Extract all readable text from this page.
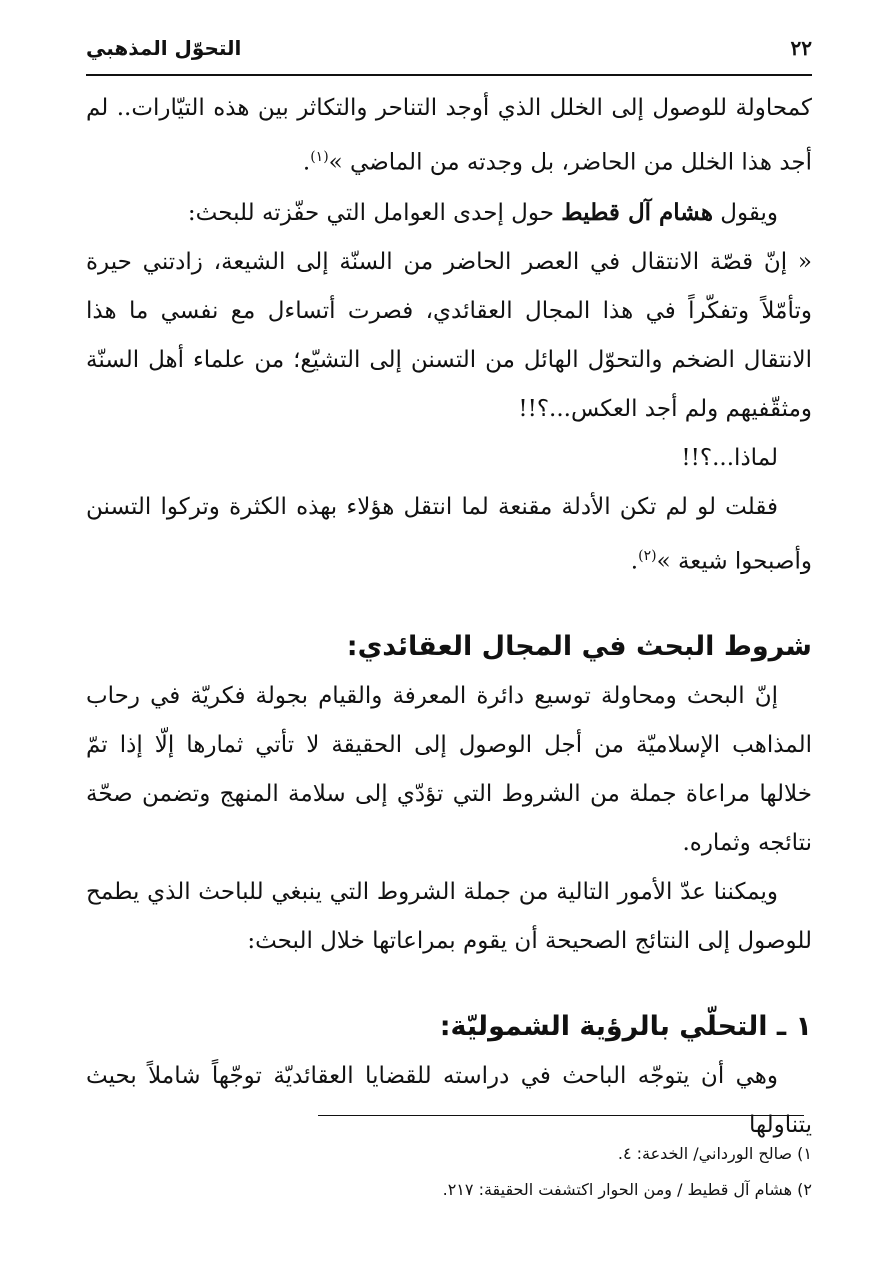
٢٢
التحوّل المذهبي

كمحاولة للوصول إلى الخلل الذي أوجد التناحر والتكاثر بين هذه التيّارات.. لم أجد هذا الخلل من الحاضر، بل وجدته من الماضي »$^{(١)}$.

ويقول هشام آل قطيط حول إحدى العوامل التي حفّزته للبحث:

« إنّ قصّة الانتقال في العصر الحاضر من السنّة إلى الشيعة، زادتني حيرة وتأمّلاً وتفكّراً في هذا المجال العقائدي، فصرت أتساءل مع نفسي ما هذا الانتقال الضخم والتحوّل الهائل من التسنن إلى التشيّع؛ من علماء أهل السنّة ومثقّفيهم ولم أجد العكس...؟!!

لماذا...؟!!

فقلت لو لم تكن الأدلة مقنعة لما انتقل هؤلاء بهذه الكثرة وتركوا التسنن وأصبحوا شيعة »$^{(٢)}$.

شروط البحث في المجال العقائدي:

إنّ البحث ومحاولة توسيع دائرة المعرفة والقيام بجولة فكريّة في رحاب المذاهب الإسلاميّة من أجل الوصول إلى الحقيقة لا تأتي ثمارها إلّا إذا تمّ خلالها مراعاة جملة من الشروط التي تؤدّي إلى سلامة المنهج وتضمن صحّة نتائجه وثماره.

ويمكننا عدّ الأمور التالية من جملة الشروط التي ينبغي للباحث الذي يطمح للوصول إلى النتائج الصحيحة أن يقوم بمراعاتها خلال البحث:

١ ـ التحلّي بالرؤية الشموليّة:

وهي أن يتوجّه الباحث في دراسته للقضايا العقائديّة توجّهاً شاملاً بحيث يتناولها

١) صالح الورداني/ الخدعة: ٤.

٢) هشام آل قطيط / ومن الحوار اكتشفت الحقيقة: ٢١٧.
